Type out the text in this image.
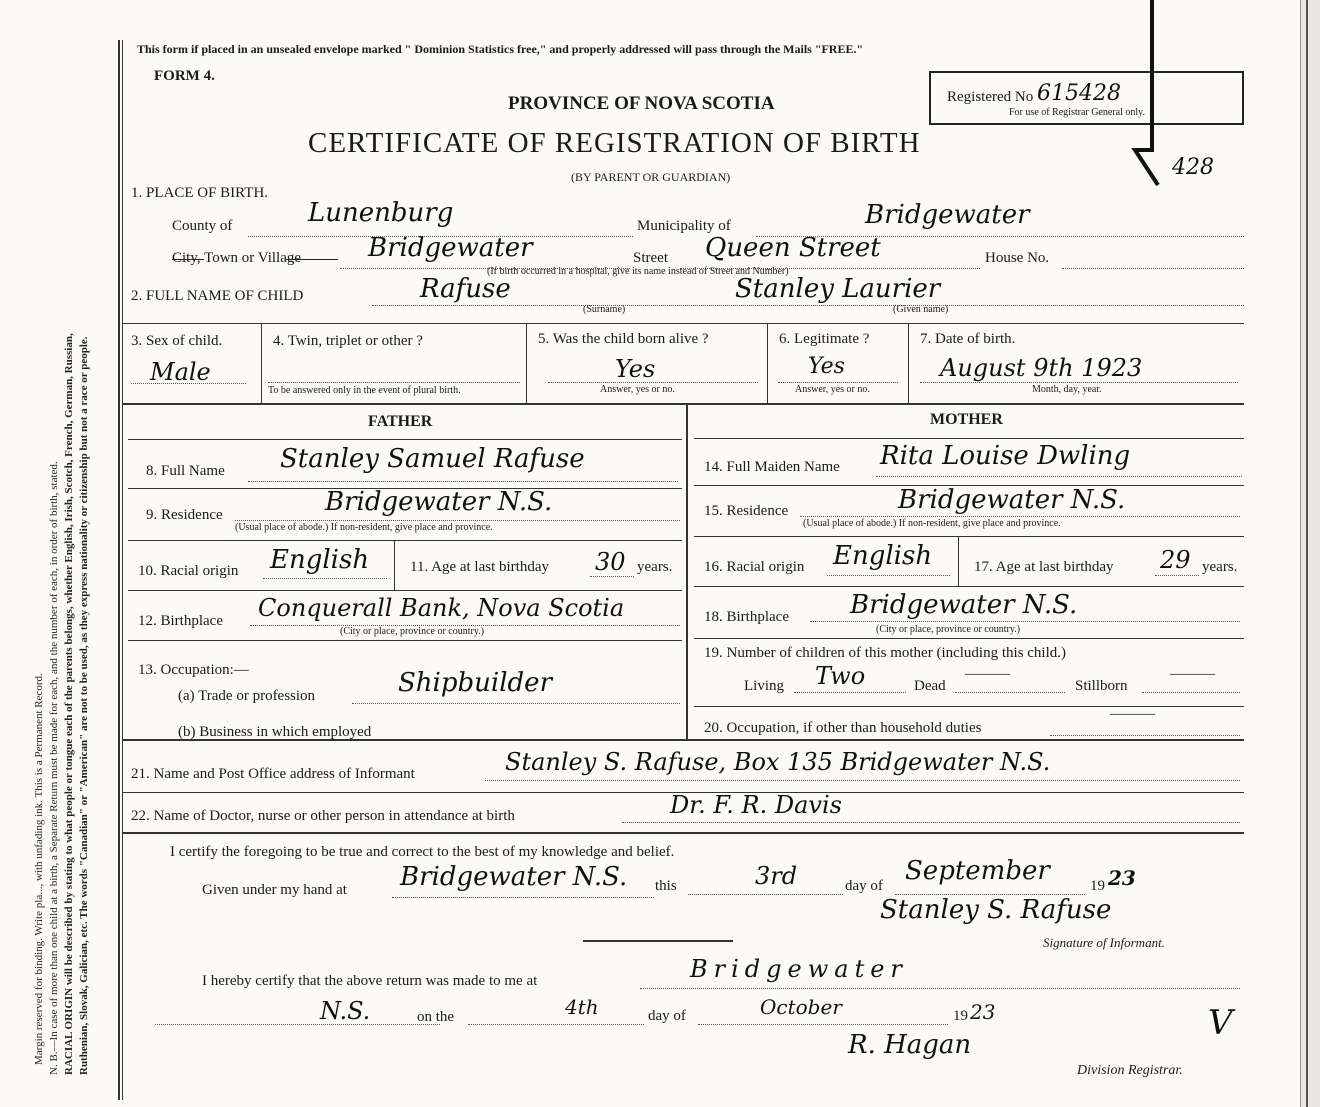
Margin reserved for binding. Write pla..., with unfading ink. This is a Permanent Record. N. B.—In case of more than one child at a birth, a Separate Return must be made for each, and the number of each, in order of birth, stated. RACIAL ORIGIN will be described by stating to what people or tongue each of the parents belongs, whether English, Irish, Scotch, French, German, Russian, Ruthenian, Slovak, Galician, etc. The words "Canadian" or "American" are not to be used, as they express nationality or citizenship but not a race or people.
This form if placed in an unsealed envelope marked " Dominion Statistics free," and properly addressed will pass through the Mails "FREE."
FORM 4.
PROVINCE OF NOVA SCOTIA
CERTIFICATE OF REGISTRATION OF BIRTH
(BY PARENT OR GUARDIAN)
Registered No 615428
For use of Registrar General only.
428
1. PLACE OF BIRTH.
County of	Lunenburg	Municipality of	Bridgewater
City, Town or Village	Bridgewater	Street Queen Street	House No.
(If birth occurred in a hospital, give its name instead of Street and Number)
2. FULL NAME OF CHILD	Rafuse
(Surname)
Stanley Laurier
(Given name)
3. Sex of child.
Male
4. Twin, triplet or other ?
To be answered only in the event of plural birth.
5. Was the child born alive ?
Yes
Answer, yes or no.
6. Legitimate ?
Yes
Answer, yes or no.
7. Date of birth.
August 9th 1923
Month, day, year.
FATHER	MOTHER
8. Full Name Stanley Samuel Rafuse
9. Residence	Bridgewater N.S.
(Usual place of abode.) If non-resident, give place and province.
10. Racial origin English	11. Age at last birthday 30 years.
12. Birthplace Conquerall Bank, Nova Scotia
(City or place, province or country.)
13. Occupation:—
(a) Trade or profession	Shipbuilder
(b) Business in which employed
14. Full Maiden Name Rita Louise Dwling
15. Residence	Bridgewater N.S.
(Usual place of abode.) If non-resident, give place and province.
16. Racial origin English	17. Age at last birthday 29 years.
18. Birthplace Bridgewater N.S.
(City or place, province or country.)
19. Number of children of this mother (including this child.)
Living Two	Dead
———
Stillborn
———
20. Occupation, if other than household duties
———
21. Name and Post Office address of Informant	Stanley S. Rafuse, Box 135 Bridgewater N.S.
22. Name of Doctor, nurse or other person in attendance at birth	Dr. F. R. Davis
I certify the foregoing to be true and correct to the best of my knowledge and belief.
Given under my hand at Bridgewater N.S. this	3rd	day of September	19 23
Stanley S. Rafuse
Signature of Informant.
I hereby certify that the above return was made to me at	Bridgewater
N.S.	on the	4th	day of	October	19 23	V
R. Hagan
Division Registrar.
